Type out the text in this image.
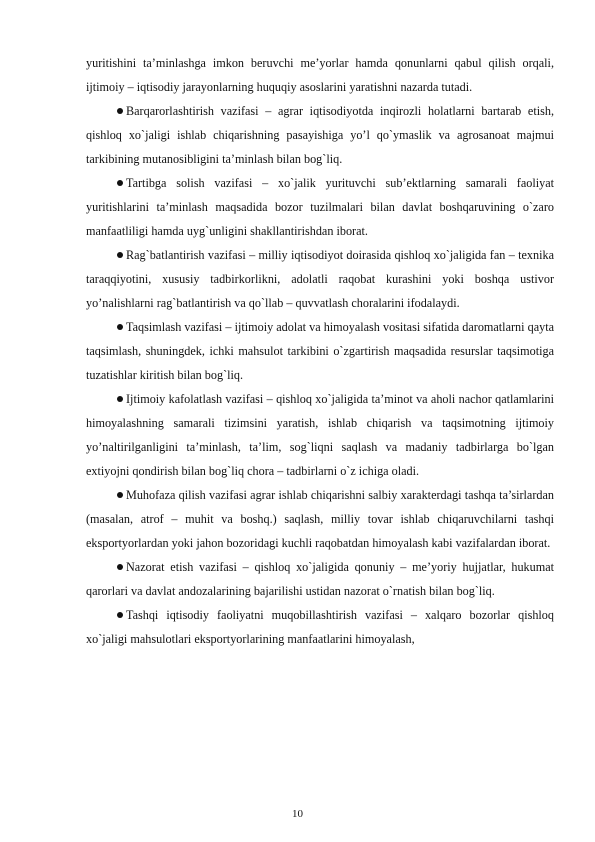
yuritishini ta’minlashga imkon beruvchi me’yorlar hamda qonunlarni qabul qilish orqali, ijtimoiy – iqtisodiy jarayonlarning huquqiy asoslarini yaratishni nazarda tutadi.

Barqarorlashtirish vazifasi – agrar iqtisodiyotda inqirozli holatlarni bartarab etish, qishloq xo`jaligi ishlab chiqarishning pasayishiga yo’l qo`ymaslik va agrosanoat majmui tarkibining mutanosibligini ta’minlash bilan bog`liq.

Tartibga solish vazifasi – xo`jalik yurituvchi sub’ektlarning samarali faoliyat yuritishlarini ta’minlash maqsadida bozor tuzilmalari bilan davlat boshqaruvining o`zaro manfaatliligi hamda uyg`unligini shakllantirishdan iborat.

Rag`batlantirish vazifasi – milliy iqtisodiyot doirasida qishloq xo`jaligida fan – texnika taraqqiyotini, xususiy tadbirkorlikni, adolatli raqobat kurashini yoki boshqa ustivor yo’nalishlarni rag`batlantirish va qo`llab – quvvatlash choralarini ifodalaydi.

Taqsimlash vazifasi – ijtimoiy adolat va himoyalash vositasi sifatida daromatlarni qayta taqsimlash, shuningdek, ichki mahsulot tarkibini o`zgartirish maqsadida resurslar taqsimotiga tuzatishlar kiritish bilan bog`liq.

Ijtimoiy kafolatlash vazifasi – qishloq xo`jaligida ta’minot va aholi nachor qatlamlarini himoyalashning samarali tizimsini yaratish, ishlab chiqarish va taqsimotning ijtimoiy yo’naltirilganligini ta’minlash, ta’lim, sog`liqni saqlash va madaniy tadbirlarga bo`lgan extiyojni qondirish bilan bog`liq chora – tadbirlarni o`z ichiga oladi.

Muhofaza qilish vazifasi agrar ishlab chiqarishni salbiy xarakterdagi tashqa ta’sirlardan (masalan, atrof – muhit va boshq.) saqlash, milliy tovar ishlab chiqaruvchilarni tashqi eksportyorlardan yoki jahon bozoridagi kuchli raqobatdan himoyalash kabi vazifalardan iborat.

Nazorat etish vazifasi – qishloq xo`jaligida qonuniy – me’yoriy hujjatlar, hukumat qarorlari va davlat andozalarining bajarilishi ustidan nazorat o`rnatish bilan bog`liq.

Tashqi iqtisodiy faoliyatni muqobillashtirish vazifasi – xalqaro bozorlar qishloq xo`jaligi mahsulotlari eksportyorlarining manfaatlarini himoyalash,

10
